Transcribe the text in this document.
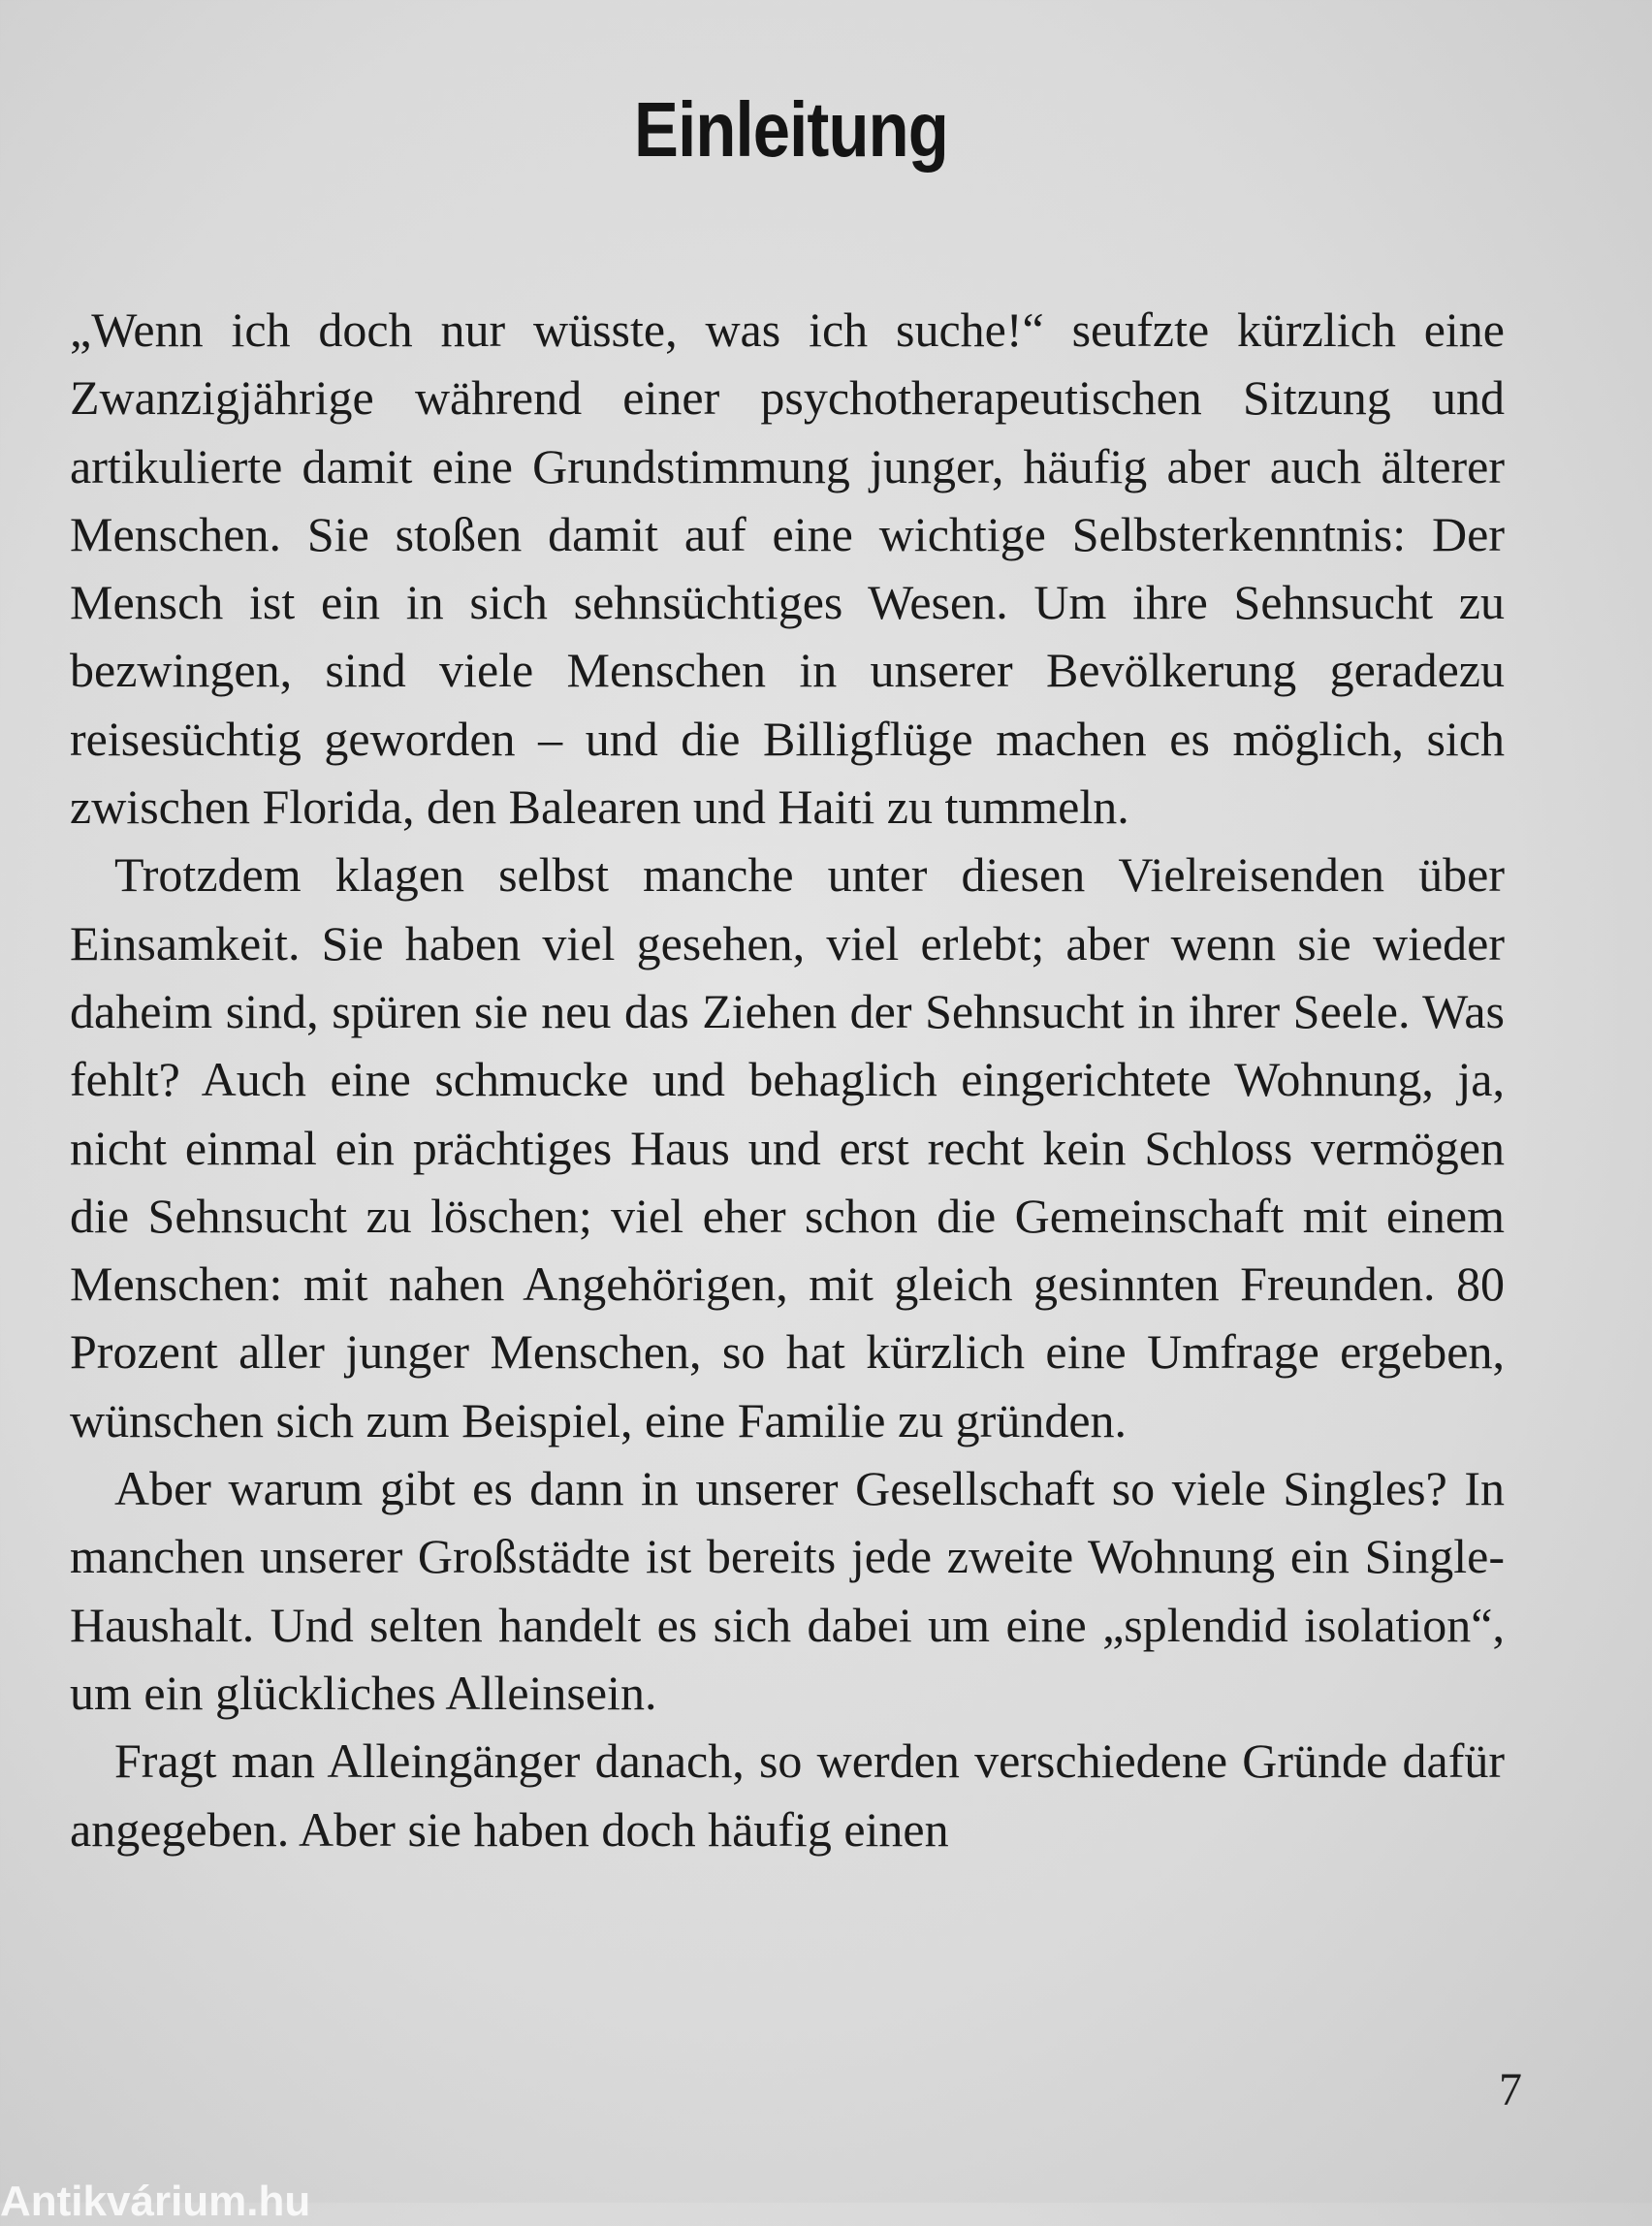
Einleitung

„Wenn ich doch nur wüsste, was ich suche!“ seufzte kürzlich eine Zwanzigjährige während einer psychotherapeutischen Sitzung und artikulierte damit eine Grundstimmung junger, häufig aber auch älterer Menschen. Sie stoßen damit auf eine wichtige Selbsterkenntnis: Der Mensch ist ein in sich sehnsüchtiges Wesen. Um ihre Sehnsucht zu bezwingen, sind viele Menschen in unserer Bevölkerung geradezu reisesüchtig geworden – und die Billigflüge machen es möglich, sich zwischen Florida, den Balearen und Haiti zu tummeln.

Trotzdem klagen selbst manche unter diesen Vielreisenden über Einsamkeit. Sie haben viel gesehen, viel erlebt; aber wenn sie wieder daheim sind, spüren sie neu das Ziehen der Sehnsucht in ihrer Seele. Was fehlt? Auch eine schmucke und behaglich eingerichtete Wohnung, ja, nicht einmal ein prächtiges Haus und erst recht kein Schloss vermögen die Sehnsucht zu löschen; viel eher schon die Gemeinschaft mit einem Menschen: mit nahen Angehörigen, mit gleich gesinnten Freunden. 80 Prozent aller junger Menschen, so hat kürzlich eine Umfrage ergeben, wünschen sich zum Beispiel, eine Familie zu gründen.

Aber warum gibt es dann in unserer Gesellschaft so viele Singles? In manchen unserer Großstädte ist bereits jede zweite Wohnung ein Single-Haushalt. Und selten handelt es sich dabei um eine „splendid isolation“, um ein glückliches Alleinsein.

Fragt man Alleingänger danach, so werden verschiedene Gründe dafür angegeben. Aber sie haben doch häufig einen

7
Antikvárium.hu
